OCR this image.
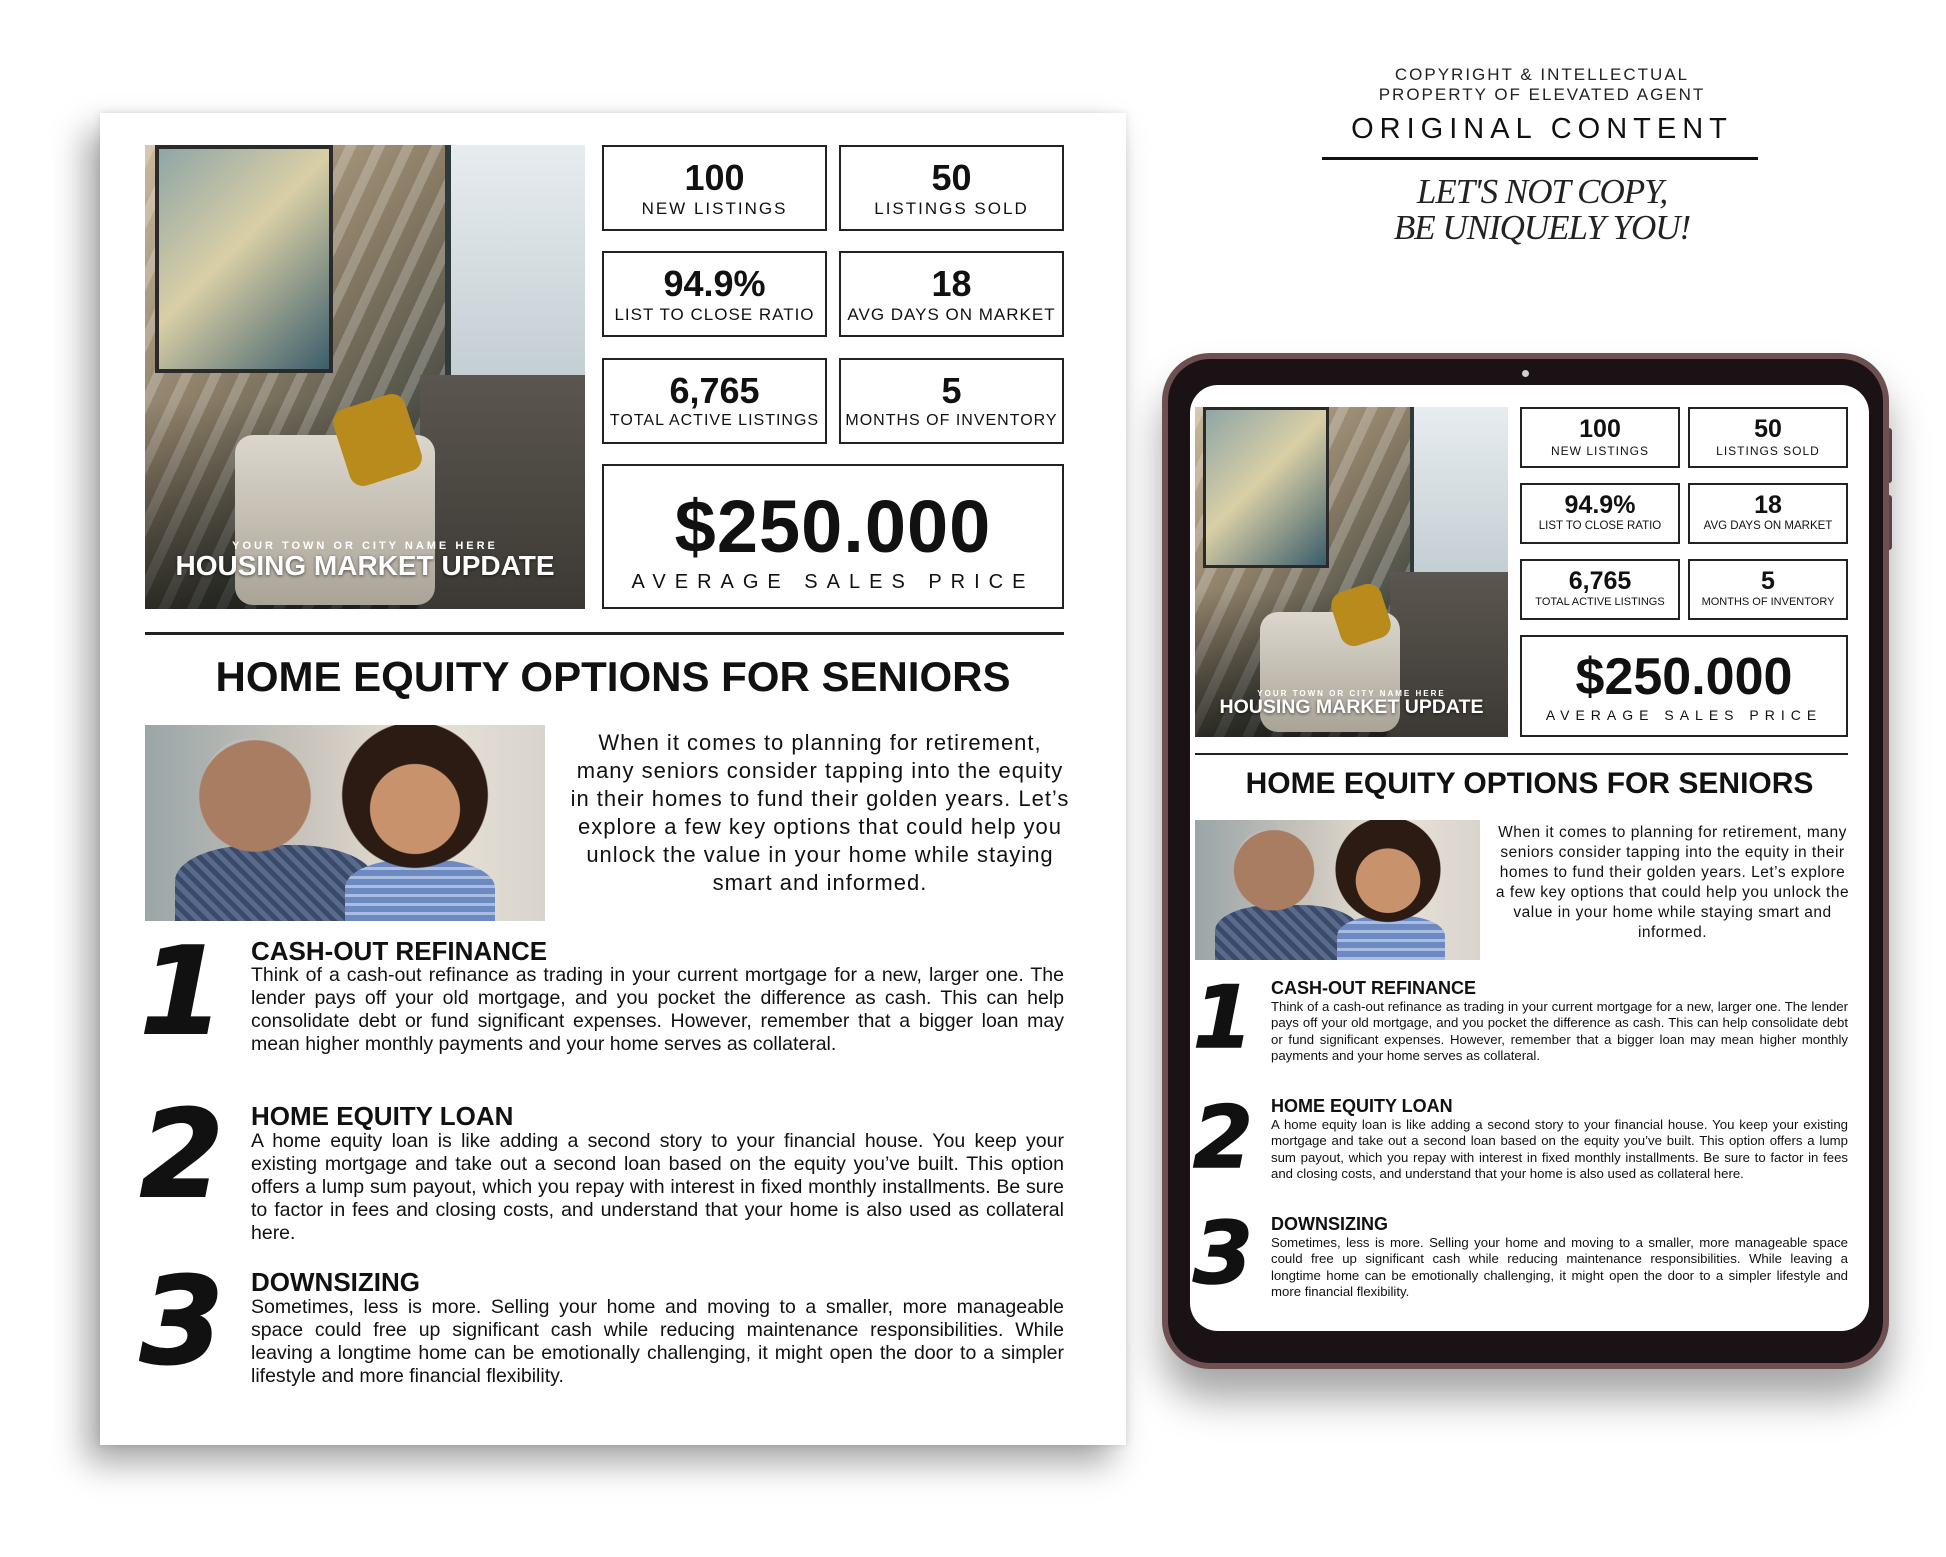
YOUR TOWN OR CITY NAME HERE
HOUSING MARKET UPDATE
100
NEW LISTINGS
50
LISTINGS SOLD
94.9%
LIST TO CLOSE RATIO
18
AVG DAYS ON MARKET
6,765
TOTAL ACTIVE LISTINGS
5
MONTHS OF INVENTORY
$250.000
AVERAGE SALES PRICE
HOME EQUITY OPTIONS FOR SENIORS
When it comes to planning for retirement, many seniors consider tapping into the equity in their homes to fund their golden years. Let’s explore a few key options that could help you unlock the value in your home while staying smart and informed.
1 CASH-OUT REFINANCE
Think of a cash-out refinance as trading in your current mortgage for a new, larger one. The lender pays off your old mortgage, and you pocket the difference as cash. This can help consolidate debt or fund significant expenses. However, remember that a bigger loan may mean higher monthly payments and your home serves as collateral.
2 HOME EQUITY LOAN
A home equity loan is like adding a second story to your financial house. You keep your existing mortgage and take out a second loan based on the equity you’ve built. This option offers a lump sum payout, which you repay with interest in fixed monthly installments. Be sure to factor in fees and closing costs, and understand that your home is also used as collateral here.
3 DOWNSIZING
Sometimes, less is more. Selling your home and moving to a smaller, more manageable space could free up significant cash while reducing maintenance responsibilities. While leaving a longtime home can be emotionally challenging, it might open the door to a simpler lifestyle and more financial flexibility.
COPYRIGHT & INTELLECTUAL
PROPERTY OF ELEVATED AGENT
ORIGINAL CONTENT
LET'S NOT COPY,
BE UNIQUELY YOU!
YOUR TOWN OR CITY NAME HERE
HOUSING MARKET UPDATE
100
NEW LISTINGS
50
LISTINGS SOLD
94.9%
LIST TO CLOSE RATIO
18
AVG DAYS ON MARKET
6,765
TOTAL ACTIVE LISTINGS
5
MONTHS OF INVENTORY
$250.000
AVERAGE SALES PRICE
HOME EQUITY OPTIONS FOR SENIORS
When it comes to planning for retirement, many seniors consider tapping into the equity in their homes to fund their golden years. Let’s explore a few key options that could help you unlock the value in your home while staying smart and informed.
1 CASH-OUT REFINANCE
Think of a cash-out refinance as trading in your current mortgage for a new, larger one. The lender pays off your old mortgage, and you pocket the difference as cash. This can help consolidate debt or fund significant expenses. However, remember that a bigger loan may mean higher monthly payments and your home serves as collateral.
2 HOME EQUITY LOAN
A home equity loan is like adding a second story to your financial house. You keep your existing mortgage and take out a second loan based on the equity you’ve built. This option offers a lump sum payout, which you repay with interest in fixed monthly installments. Be sure to factor in fees and closing costs, and understand that your home is also used as collateral here.
3 DOWNSIZING
Sometimes, less is more. Selling your home and moving to a smaller, more manageable space could free up significant cash while reducing maintenance responsibilities. While leaving a longtime home can be emotionally challenging, it might open the door to a simpler lifestyle and more financial flexibility.
